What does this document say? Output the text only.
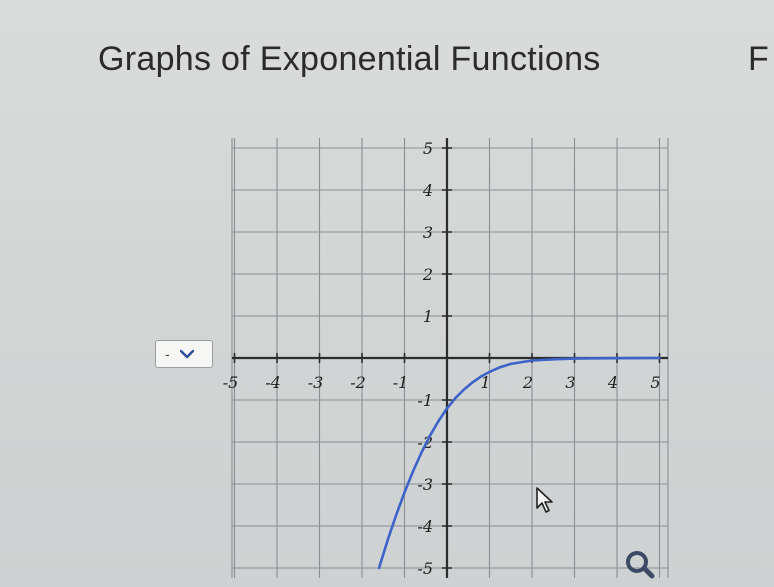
Graphs of Exponential Functions	F
-
-5 -4 -3 -2 -1	1 2 3 4 5
5
4
3
2
1
-1
-2
-3
-4
-5
